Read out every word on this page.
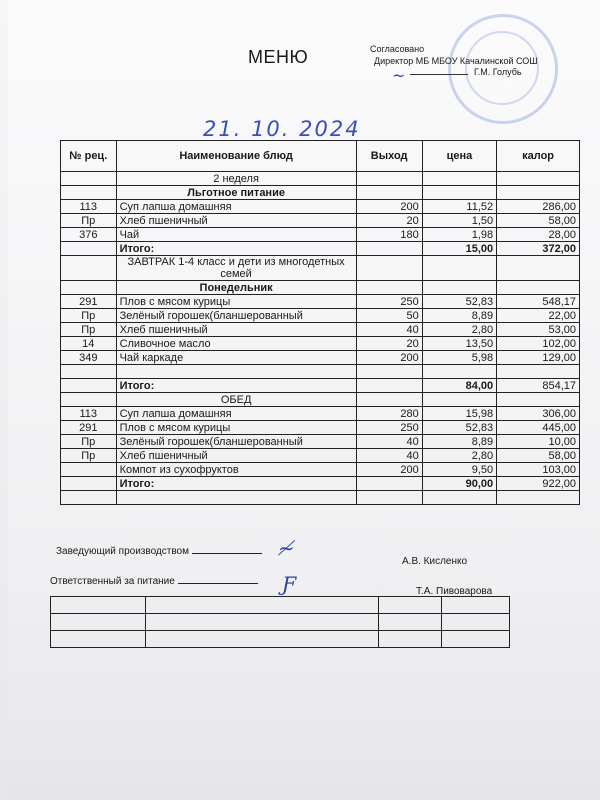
МЕНЮ	Согласовано
Директор МБ МБОУ Качалинской СОШ
Г.М. Голубь
~
21. 10. 2024
№ рец.	Наименование блюд	Выход	цена	калор
	2 неделя			
	Льготное питание			
113	Суп лапша домашняя	200	11,52	286,00
Пр	Хлеб пшеничный	20	1,50	58,00
376	Чай	180	1,98	28,00
	Итого:		15,00	372,00
	ЗАВТРАК 1-4 класс и дети из многодетных семей			
	Понедельник			
291	Плов с мясом курицы	250	52,83	548,17
Пр	Зелёный горошек(бланшерованный	50	8,89	22,00
Пр	Хлеб пшеничный	40	2,80	53,00
14	Сливочное масло	20	13,50	102,00
349	Чай каркаде	200	5,98	129,00

	Итого:		84,00	854,17
	ОБЕД			
113	Суп лапша домашняя	280	15,98	306,00
291	Плов с мясом курицы	250	52,83	445,00
Пр	Зелёный горошек(бланшерованный	40	8,89	10,00
Пр	Хлеб пшеничный	40	2,80	58,00
	Компот из сухофруктов	200	9,50	103,00
	Итого:		90,00	922,00

Заведующий производством	≁
А.В. Кисленко
Ответственный за питание	Ƒ	Т.А. Пивоварова
